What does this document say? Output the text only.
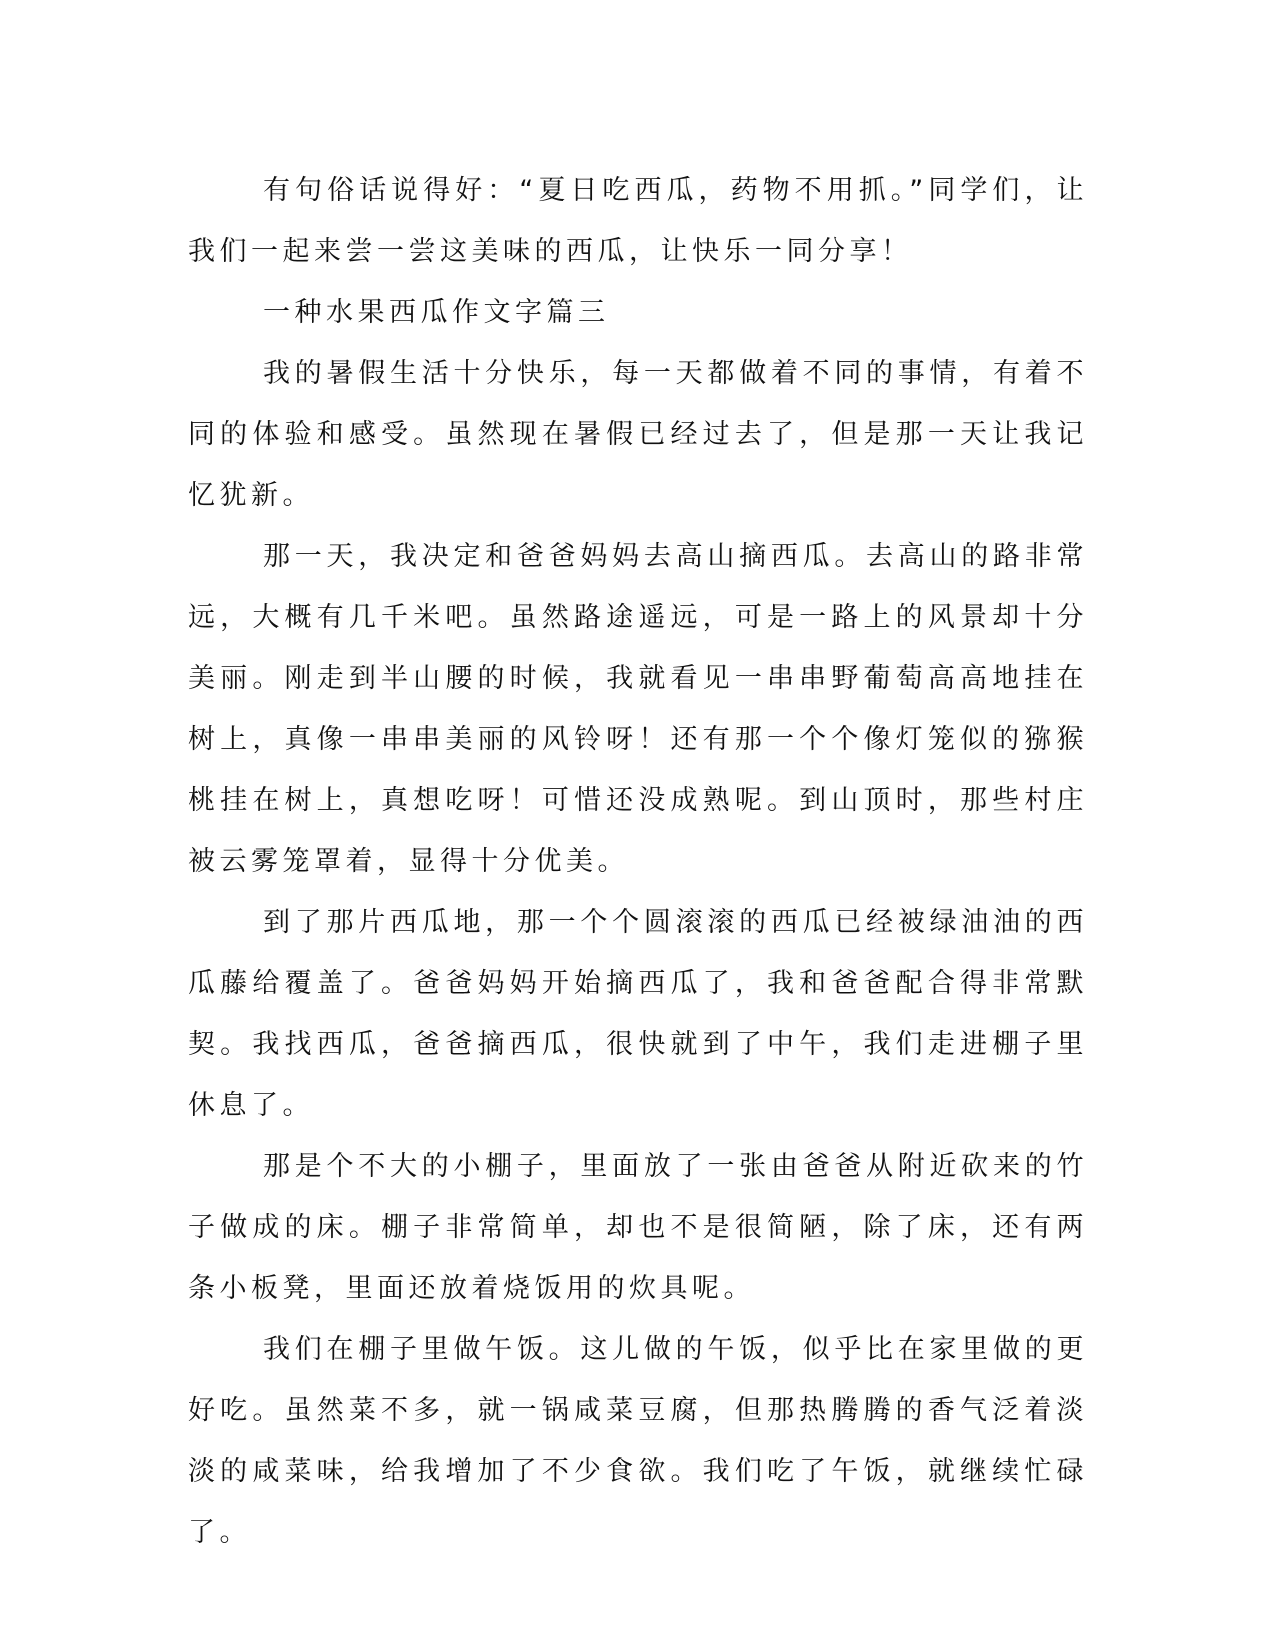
有句俗话说得好：“夏日吃西瓜，药物不用抓。”同学们，让我们一起来尝一尝这美味的西瓜，让快乐一同分享！

一种水果西瓜作文字篇三

我的暑假生活十分快乐，每一天都做着不同的事情，有着不同的体验和感受。虽然现在暑假已经过去了，但是那一天让我记忆犹新。

那一天，我决定和爸爸妈妈去高山摘西瓜。去高山的路非常远，大概有几千米吧。虽然路途遥远，可是一路上的风景却十分美丽。刚走到半山腰的时候，我就看见一串串野葡萄高高地挂在树上，真像一串串美丽的风铃呀！还有那一个个像灯笼似的猕猴桃挂在树上，真想吃呀！可惜还没成熟呢。到山顶时，那些村庄被云雾笼罩着，显得十分优美。

到了那片西瓜地，那一个个圆滚滚的西瓜已经被绿油油的西瓜藤给覆盖了。爸爸妈妈开始摘西瓜了，我和爸爸配合得非常默契。我找西瓜，爸爸摘西瓜，很快就到了中午，我们走进棚子里休息了。

那是个不大的小棚子，里面放了一张由爸爸从附近砍来的竹子做成的床。棚子非常简单，却也不是很简陋，除了床，还有两条小板凳，里面还放着烧饭用的炊具呢。

我们在棚子里做午饭。这儿做的午饭，似乎比在家里做的更好吃。虽然菜不多，就一锅咸菜豆腐，但那热腾腾的香气泛着淡淡的咸菜味，给我增加了不少食欲。我们吃了午饭，就继续忙碌了。
